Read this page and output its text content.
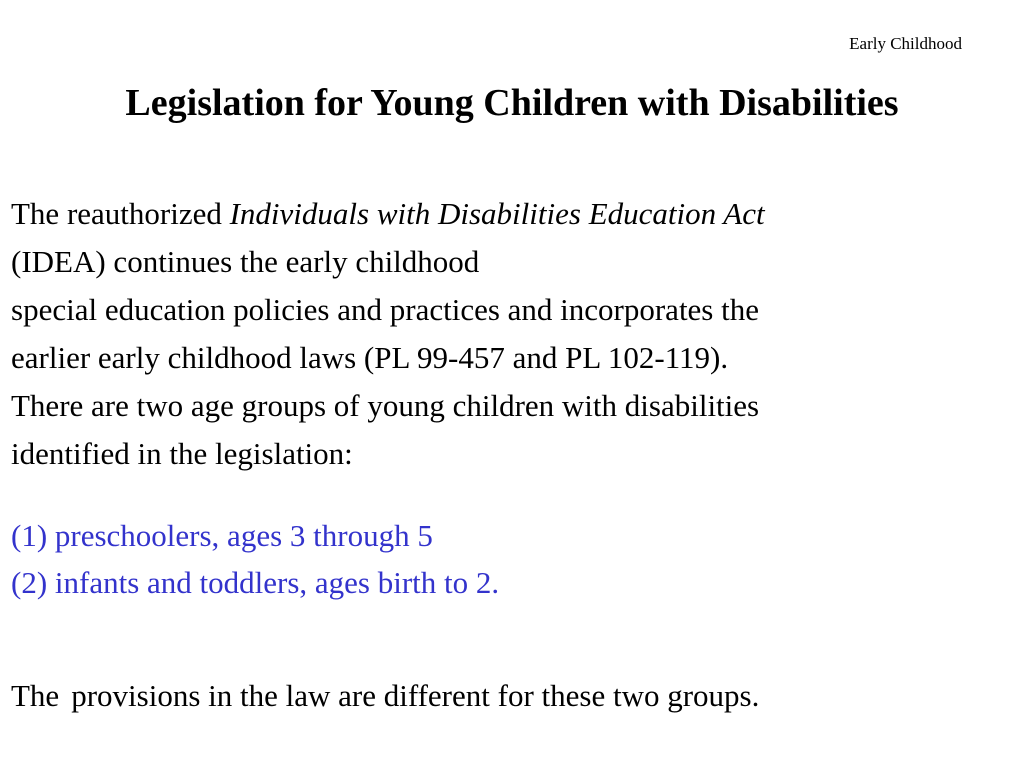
Early Childhood
Legislation for Young Children with Disabilities
The reauthorized Individuals with Disabilities Education Act
(IDEA) continues the early childhood
special education policies and practices and incorporates the
earlier early childhood laws (PL 99-457 and PL 102-119).
There are two age groups of young children with disabilities
identified in the legislation:
(1) preschoolers, ages 3 through 5
(2) infants and toddlers, ages birth to 2.
The provisions in the law are different for these two groups.
